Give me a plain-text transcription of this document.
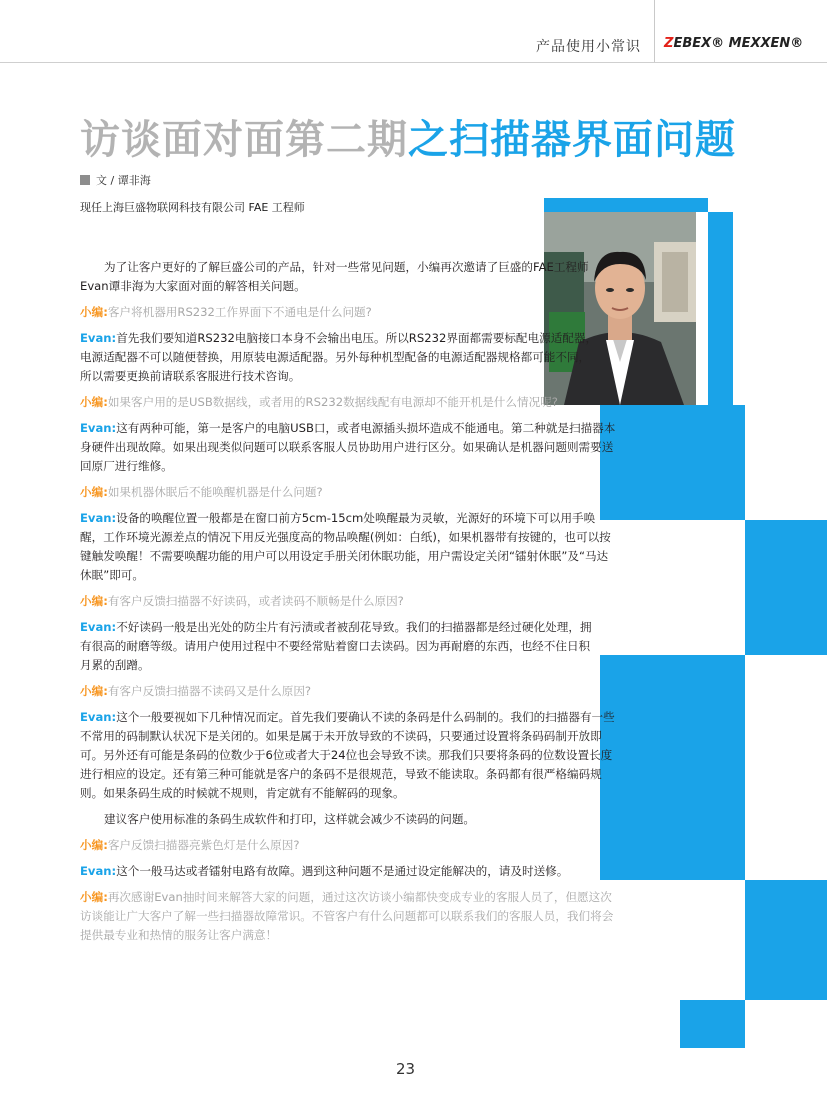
产品使用小常识 ZEBEX® MEXXEN®
访谈面对面第二期之扫描器界面问题
文 / 谭非海
现任上海巨盛物联网科技有限公司 FAE 工程师

为了让客户更好的了解巨盛公司的产品，针对一些常见问题，小编再次邀请了巨盛的FAE工程师Evan谭非海为大家面对面的解答相关问题。

小编:客户将机器用RS232工作界面下不通电是什么问题?

Evan:首先我们要知道RS232电脑接口本身不会输出电压。所以RS232界面都需要标配电源适配器，电源适配器不可以随便替换，用原装电源适配器。另外每种机型配备的电源适配器规格都可能不同，所以需要更换前请联系客服进行技术咨询。

小编:如果客户用的是USB数据线，或者用的RS232数据线配有电源却不能开机是什么情况呢?

Evan:这有两种可能，第一是客户的电脑USB口，或者电源插头损坏造成不能通电。第二种就是扫描器本身硬件出现故障。如果出现类似问题可以联系客服人员协助用户进行区分。如果确认是机器问题则需要送回原厂进行维修。

小编:如果机器休眠后不能唤醒机器是什么问题?

Evan:设备的唤醒位置一般都是在窗口前方5cm-15cm处唤醒最为灵敏，光源好的环境下可以用手唤醒，工作环境光源差点的情况下用反光强度高的物品唤醒(例如：白纸)，如果机器带有按键的，也可以按键触发唤醒！不需要唤醒功能的用户可以用设定手册关闭休眠功能，用户需设定关闭“镭射休眠”及“马达休眠”即可。

小编:有客户反馈扫描器不好读码，或者读码不顺畅是什么原因?

Evan:不好读码一般是出光处的防尘片有污渍或者被刮花导致。我们的扫描器都是经过硬化处理，拥有很高的耐磨等级。请用户使用过程中不要经常贴着窗口去读码。因为再耐磨的东西，也经不住日积月累的刮蹭。

小编:有客户反馈扫描器不读码又是什么原因?

Evan:这个一般要视如下几种情况而定。首先我们要确认不读的条码是什么码制的。我们的扫描器有一些不常用的码制默认状况下是关闭的。如果是属于未开放导致的不读码，只要通过设置将条码码制开放即可。另外还有可能是条码的位数少于6位或者大于24位也会导致不读。那我们只要将条码的位数设置长度进行相应的设定。还有第三种可能就是客户的条码不是很规范，导致不能读取。条码都有很严格编码规则。如果条码生成的时候就不规则，肯定就有不能解码的现象。

建议客户使用标准的条码生成软件和打印，这样就会减少不读码的问题。

小编:客户反馈扫描器亮紫色灯是什么原因?

Evan:这个一般马达或者镭射电路有故障。遇到这种问题不是通过设定能解决的，请及时送修。

小编:再次感谢Evan抽时间来解答大家的问题，通过这次访谈小编都快变成专业的客服人员了，但愿这次访谈能让广大客户了解一些扫描器故障常识。不管客户有什么问题都可以联系我们的客服人员，我们将会提供最专业和热情的服务让客户满意！

23
